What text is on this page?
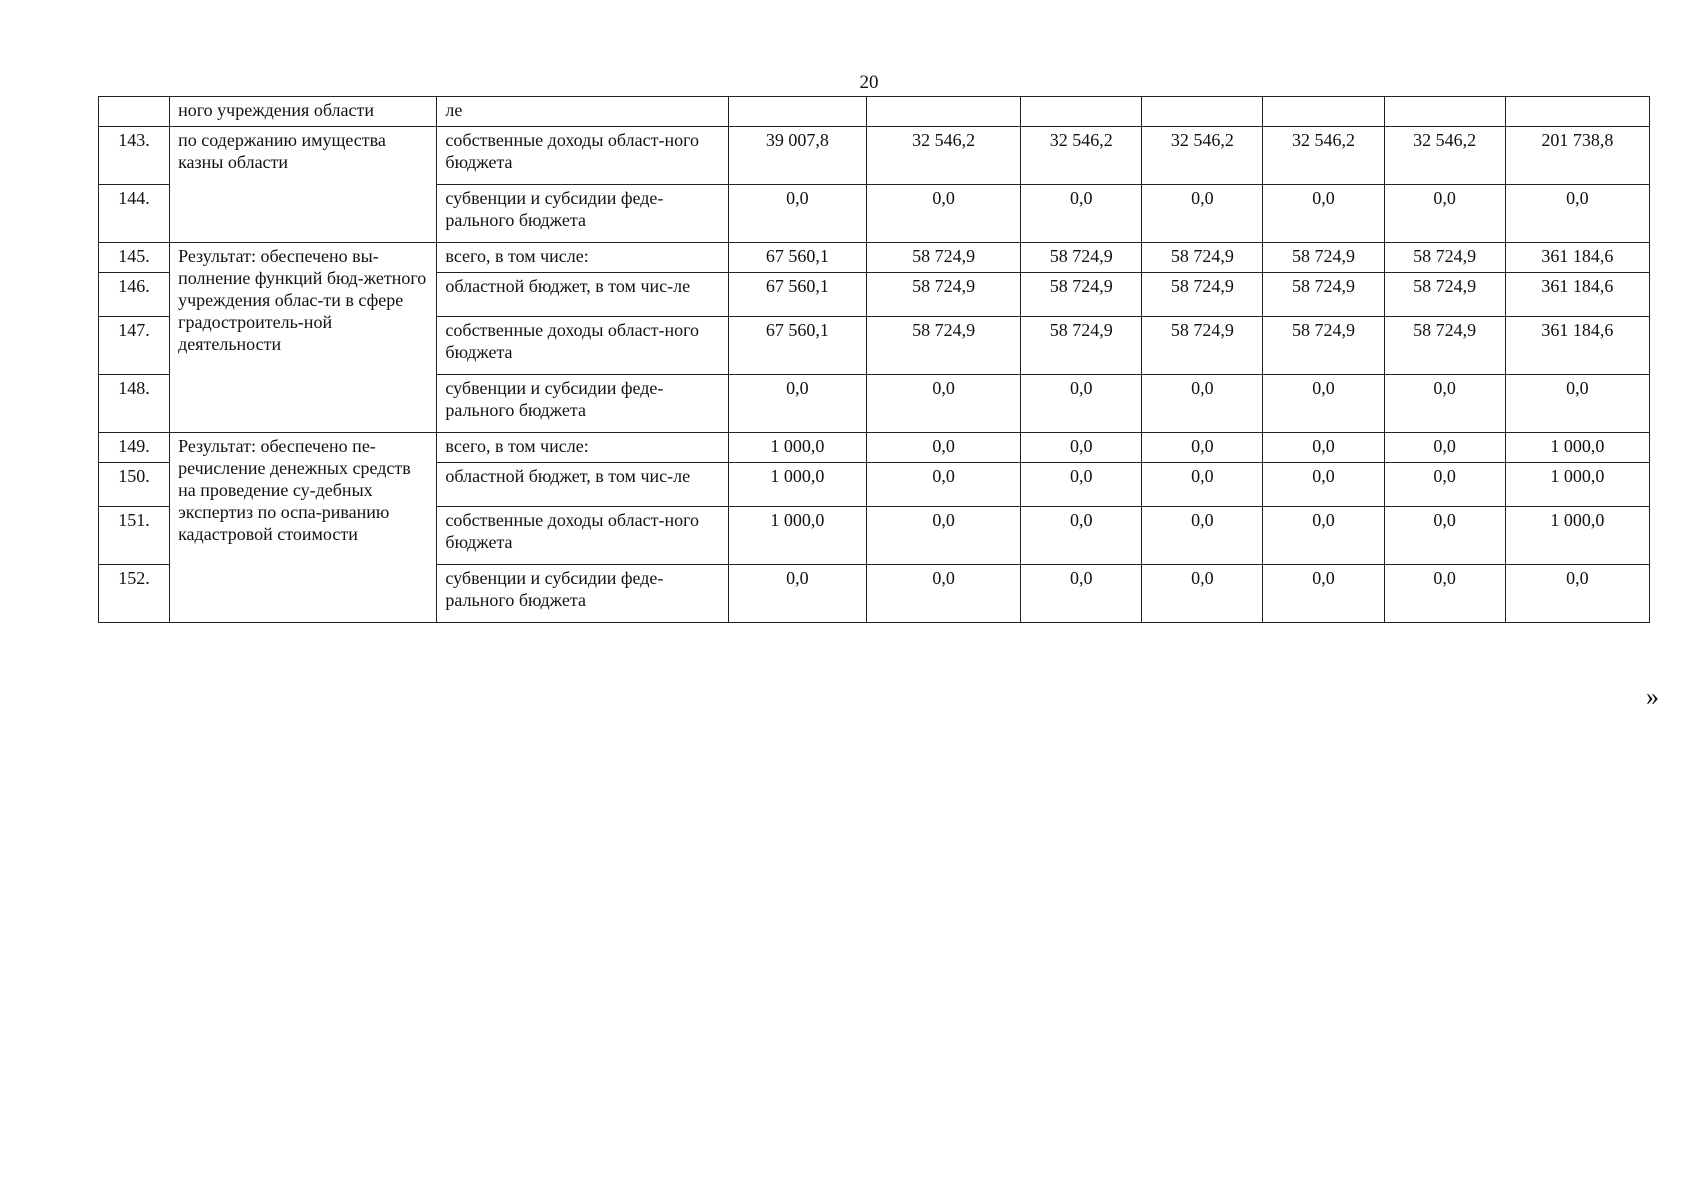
20
	ного учреждения области	ле							
143.	по содержанию имущества казны области	собственные доходы област-ного бюджета	39 007,8	32 546,2	32 546,2	32 546,2	32 546,2	32 546,2	201 738,8
144.		субвенции и субсидии феде-рального бюджета	0,0	0,0	0,0	0,0	0,0	0,0	0,0
145.	Результат: обеспечено вы-полнение функций бюд-жетного учреждения облас-ти в сфере градостроитель-ной деятельности	всего, в том числе:	67 560,1	58 724,9	58 724,9	58 724,9	58 724,9	58 724,9	361 184,6
146.		областной бюджет, в том чис-ле	67 560,1	58 724,9	58 724,9	58 724,9	58 724,9	58 724,9	361 184,6
147.		собственные доходы област-ного бюджета	67 560,1	58 724,9	58 724,9	58 724,9	58 724,9	58 724,9	361 184,6
148.		субвенции и субсидии феде-рального бюджета	0,0	0,0	0,0	0,0	0,0	0,0	0,0
149.	Результат: обеспечено пе-речисление денежных средств на проведение су-дебных экспертиз по оспа-риванию кадастровой стоимости	всего, в том числе:	1 000,0	0,0	0,0	0,0	0,0	0,0	1 000,0
150.		областной бюджет, в том чис-ле	1 000,0	0,0	0,0	0,0	0,0	0,0	1 000,0
151.		собственные доходы област-ного бюджета	1 000,0	0,0	0,0	0,0	0,0	0,0	1 000,0
152.		субвенции и субсидии феде-рального бюджета	0,0	0,0	0,0	0,0	0,0	0,0	0,0
»
